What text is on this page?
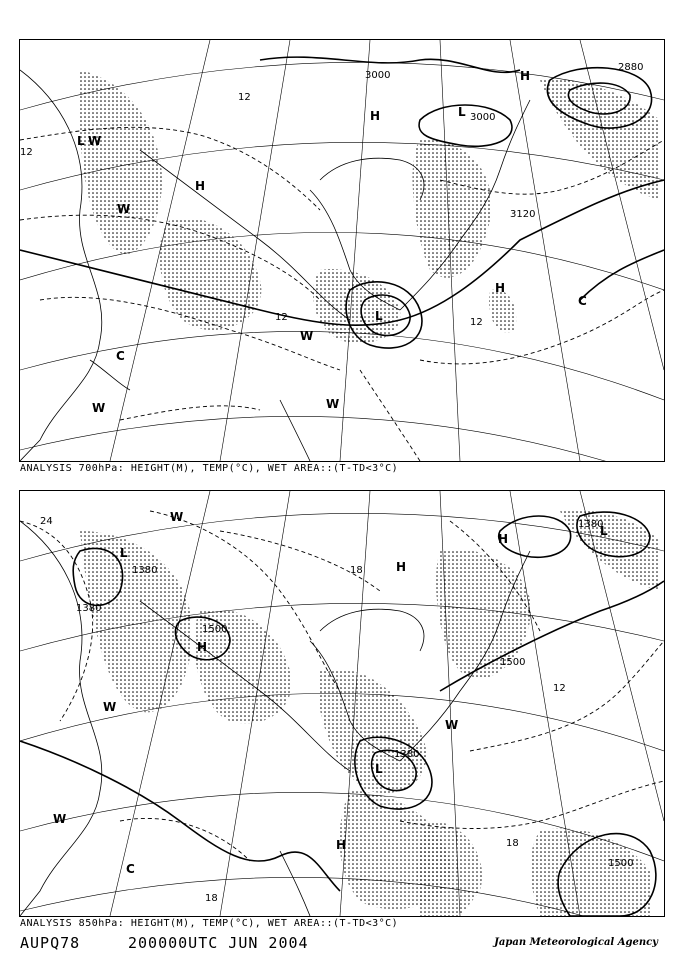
3000
3000
3120
2880
12
12
12	12
H
H
H
H
L
L
L
C
C
W
W
W	W
W
ANALYSIS 700hPa: HEIGHT(M), TEMP(°C), WET AREA::(T-TD<3°C)
1380
1380
1380
1500
1500
1500
1380
24
18
18
18
12
H
H
H
H
L
L
L
C
W
W
W
W
ANALYSIS 850hPa: HEIGHT(M), TEMP(°C), WET AREA::(T-TD<3°C)
AUPQ78	200000UTC JUN 2004	Japan Meteorological Agency
